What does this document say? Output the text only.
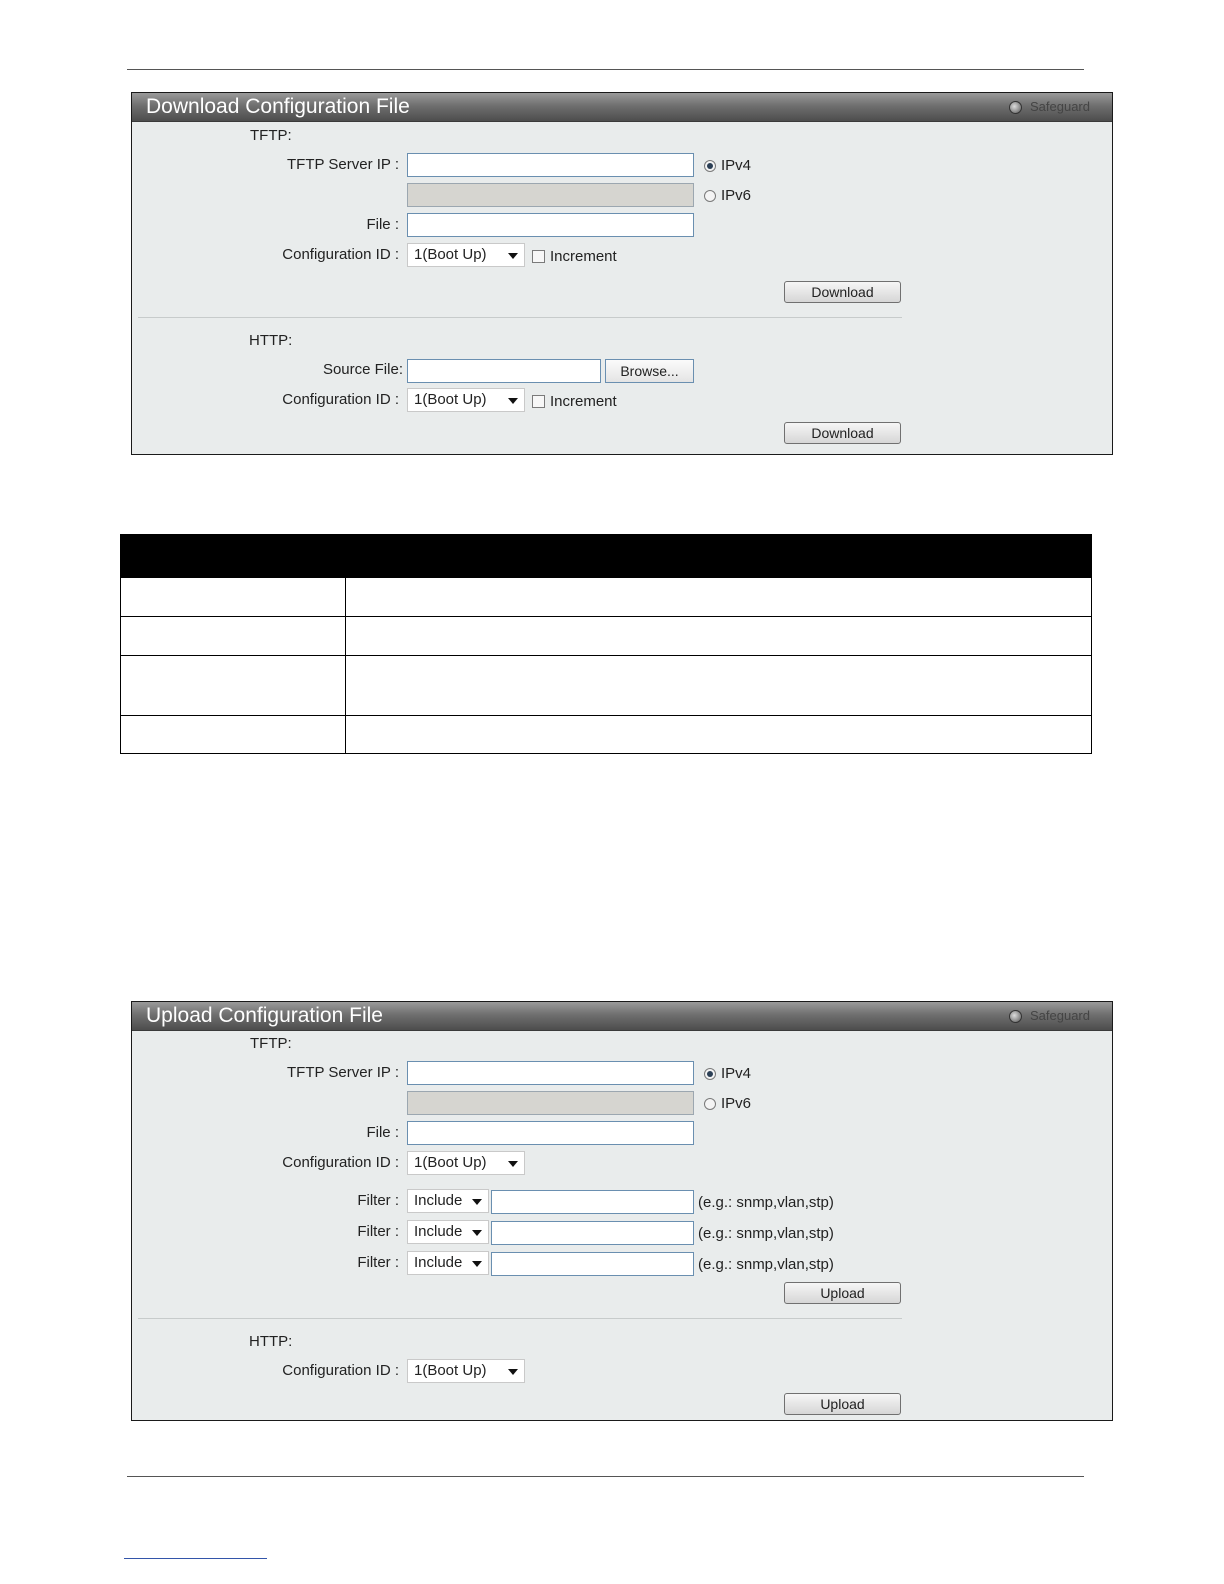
Download Configuration File	Safeguard
TFTP:
TFTP Server IP :	IPv4
IPv6
File :
Configuration ID :	1(Boot Up)	Increment
Download
HTTP:
Source File:	Browse...
Configuration ID :	1(Boot Up)	Increment
Download

Upload Configuration File	Safeguard
TFTP:
TFTP Server IP :	IPv4
IPv6
File :
Configuration ID :	1(Boot Up)
Filter :	Include	(e.g.: snmp,vlan,stp)
Filter :	Include	(e.g.: snmp,vlan,stp)
Filter :	Include	(e.g.: snmp,vlan,stp)
Upload
HTTP:
Configuration ID :	1(Boot Up)
Upload
